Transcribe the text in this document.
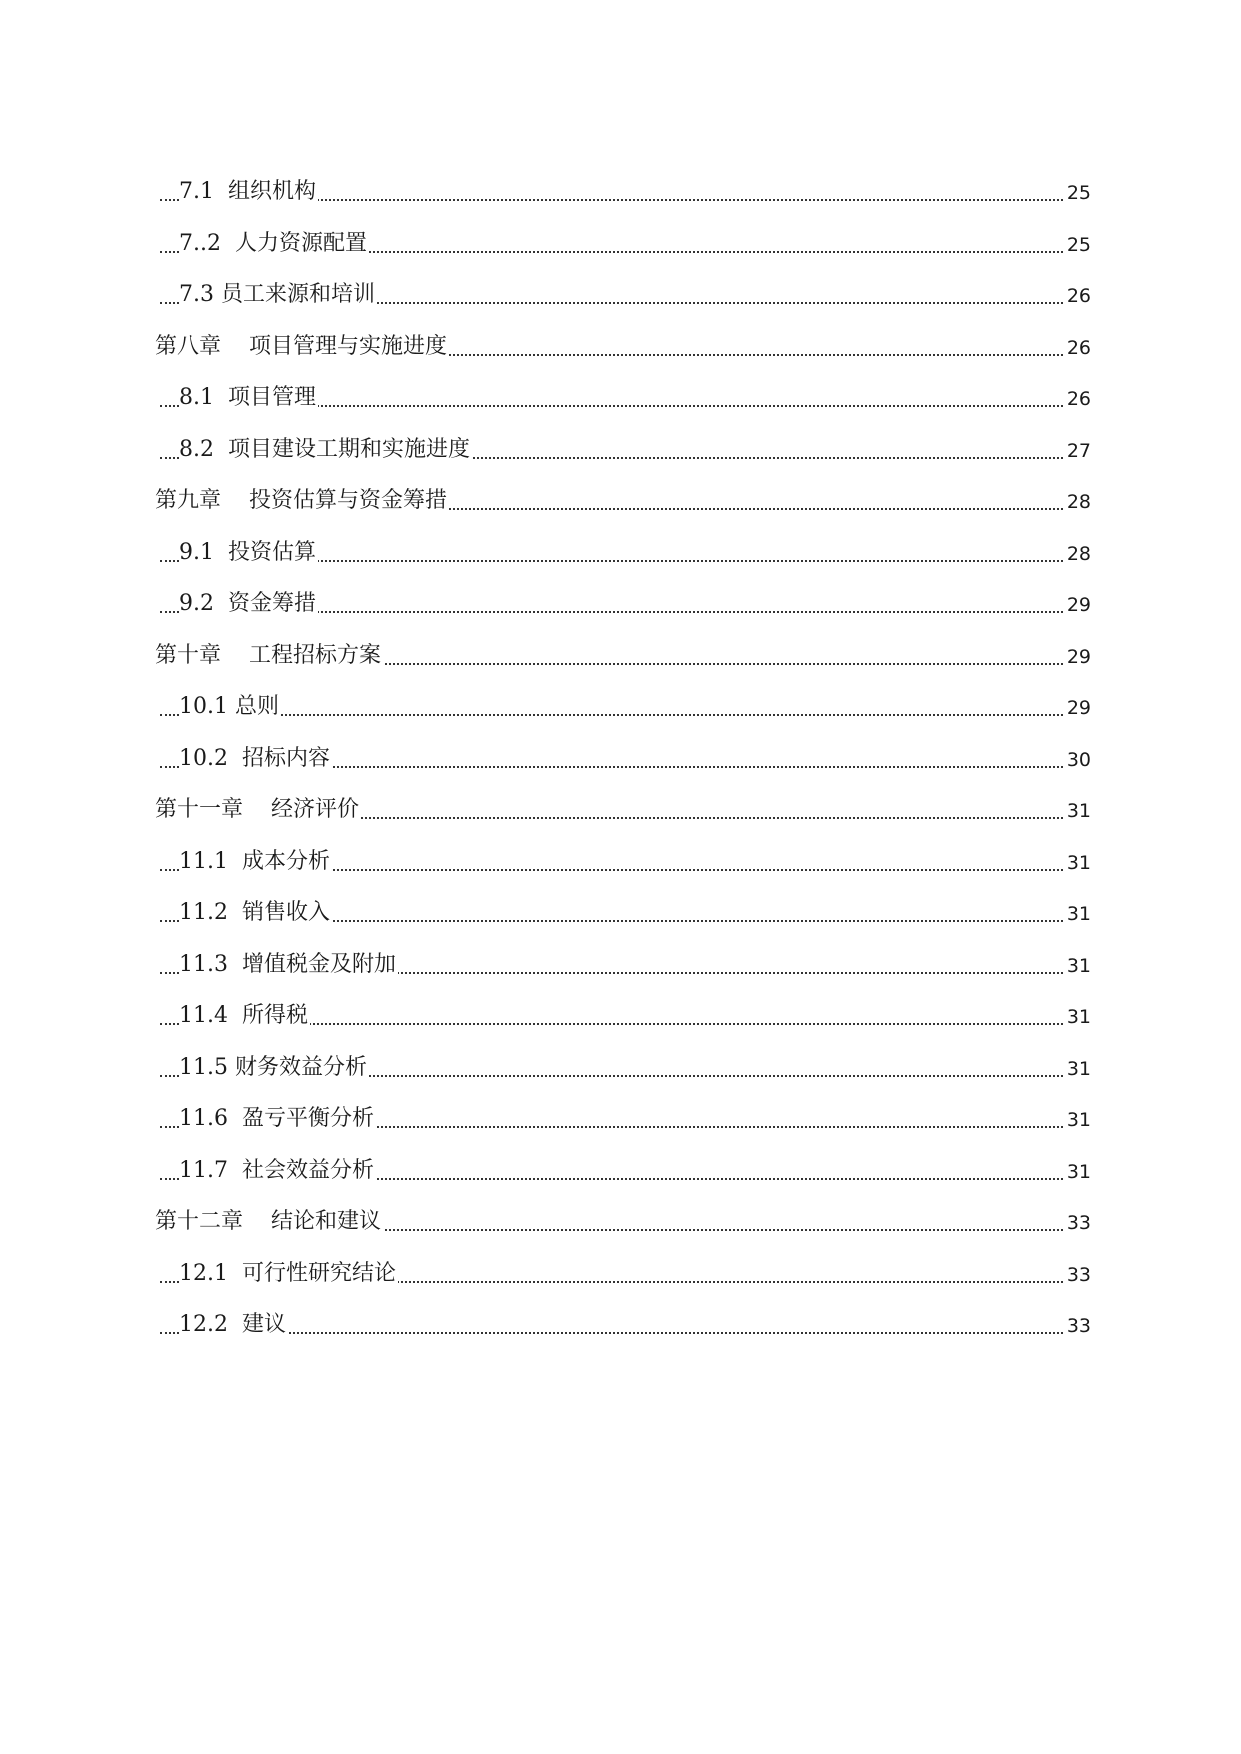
7.1  组织机构	25
7..2  人力资源配置	25
7.3 员工来源和培训	26
第八章    项目管理与实施进度	26
8.1  项目管理	26
8.2  项目建设工期和实施进度	27
第九章    投资估算与资金筹措	28
9.1  投资估算	28
9.2  资金筹措	29
第十章    工程招标方案	29
10.1 总则	29
10.2  招标内容	30
第十一章    经济评价	31
11.1  成本分析	31
11.2  销售收入	31
11.3  增值税金及附加	31
11.4  所得税	31
11.5 财务效益分析	31
11.6  盈亏平衡分析	31
11.7  社会效益分析	31
第十二章    结论和建议	33
12.1  可行性研究结论	33
12.2  建议	33
